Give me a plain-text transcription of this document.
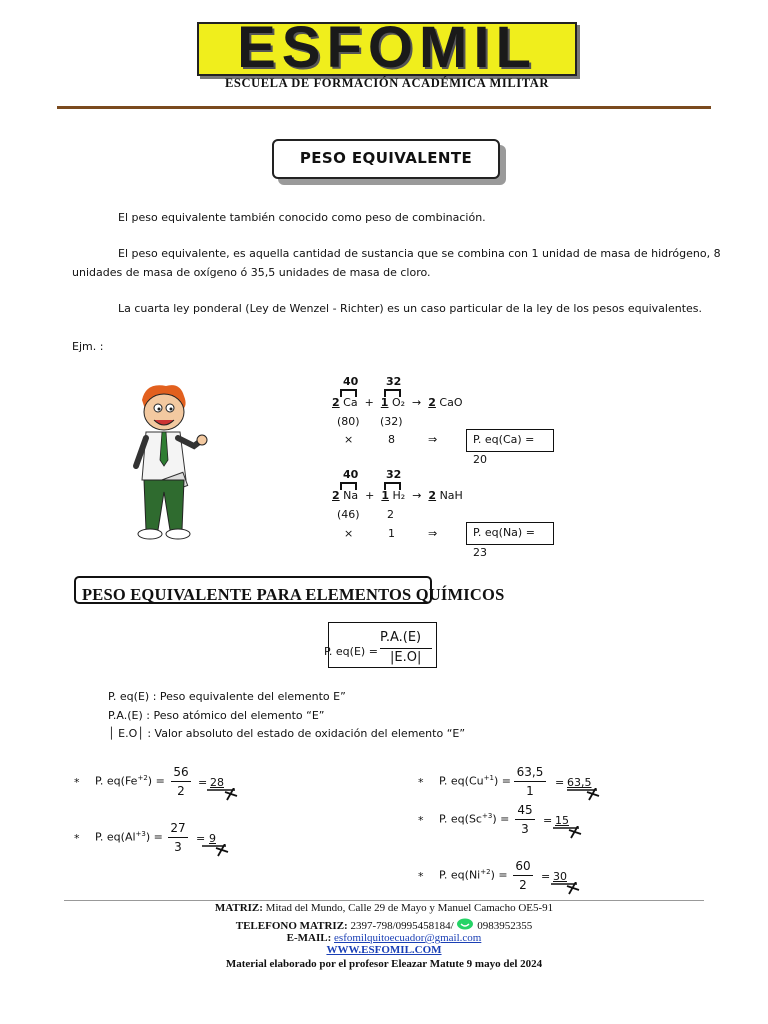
ESFOMIL
ESCUELA DE FORMACIÓN ACADÉMICA MILITAR
PESO EQUIVALENTE
El peso equivalente también conocido como peso de combinación.
El peso equivalente, es aquella cantidad de sustancia que se combina con 1 unidad de masa de hidrógeno, 8
unidades de masa de oxígeno ó 35,5 unidades de masa de cloro.
La cuarta ley ponderal (Ley de Wenzel - Richter) es un caso particular de la ley de los pesos equivalentes.
Ejm. :
40	32
2 Ca + 1 O₂ → 2 CaO
(80) (32)
×	8	⇒	P. eq(Ca) = 20
40	32
2 Na + 1 H₂ → 2 NaH
(46) 2
×	1	⇒	P. eq(Na) = 23
PESO EQUIVALENTE PARA ELEMENTOS QUÍMICOS
P. eq(E) =
P.A.(E)
|E.O|
P. eq(E) : Peso equivalente del elemento E”
P.A.(E) : Peso atómico del elemento “E”
│ E.O│ : Valor absoluto del estado de oxidación del elemento “E”
* P. $eq(Fe^{+2})$ =
56
2
= 28
* P. $eq(Al^{+3})$ =
27
3
= 9
* P. $eq(Cu^{+1})$ =
63,5
1
= 63,5
* P. $eq(Sc^{+3})$ =
45
3
= 15
* P. $eq(Ni^{+2})$ =
60
2
= 30
MATRIZ: Mitad del Mundo, Calle 29 de Mayo y Manuel Camacho OE5-91
TELEFONO MATRIZ: 2397-798/0995458184/ 0983952355
E-MAIL: esfomilquitoecuador@gmail.com
WWW.ESFOMIL.COM
Material elaborado por el profesor Eleazar Matute 9 mayo del 2024
